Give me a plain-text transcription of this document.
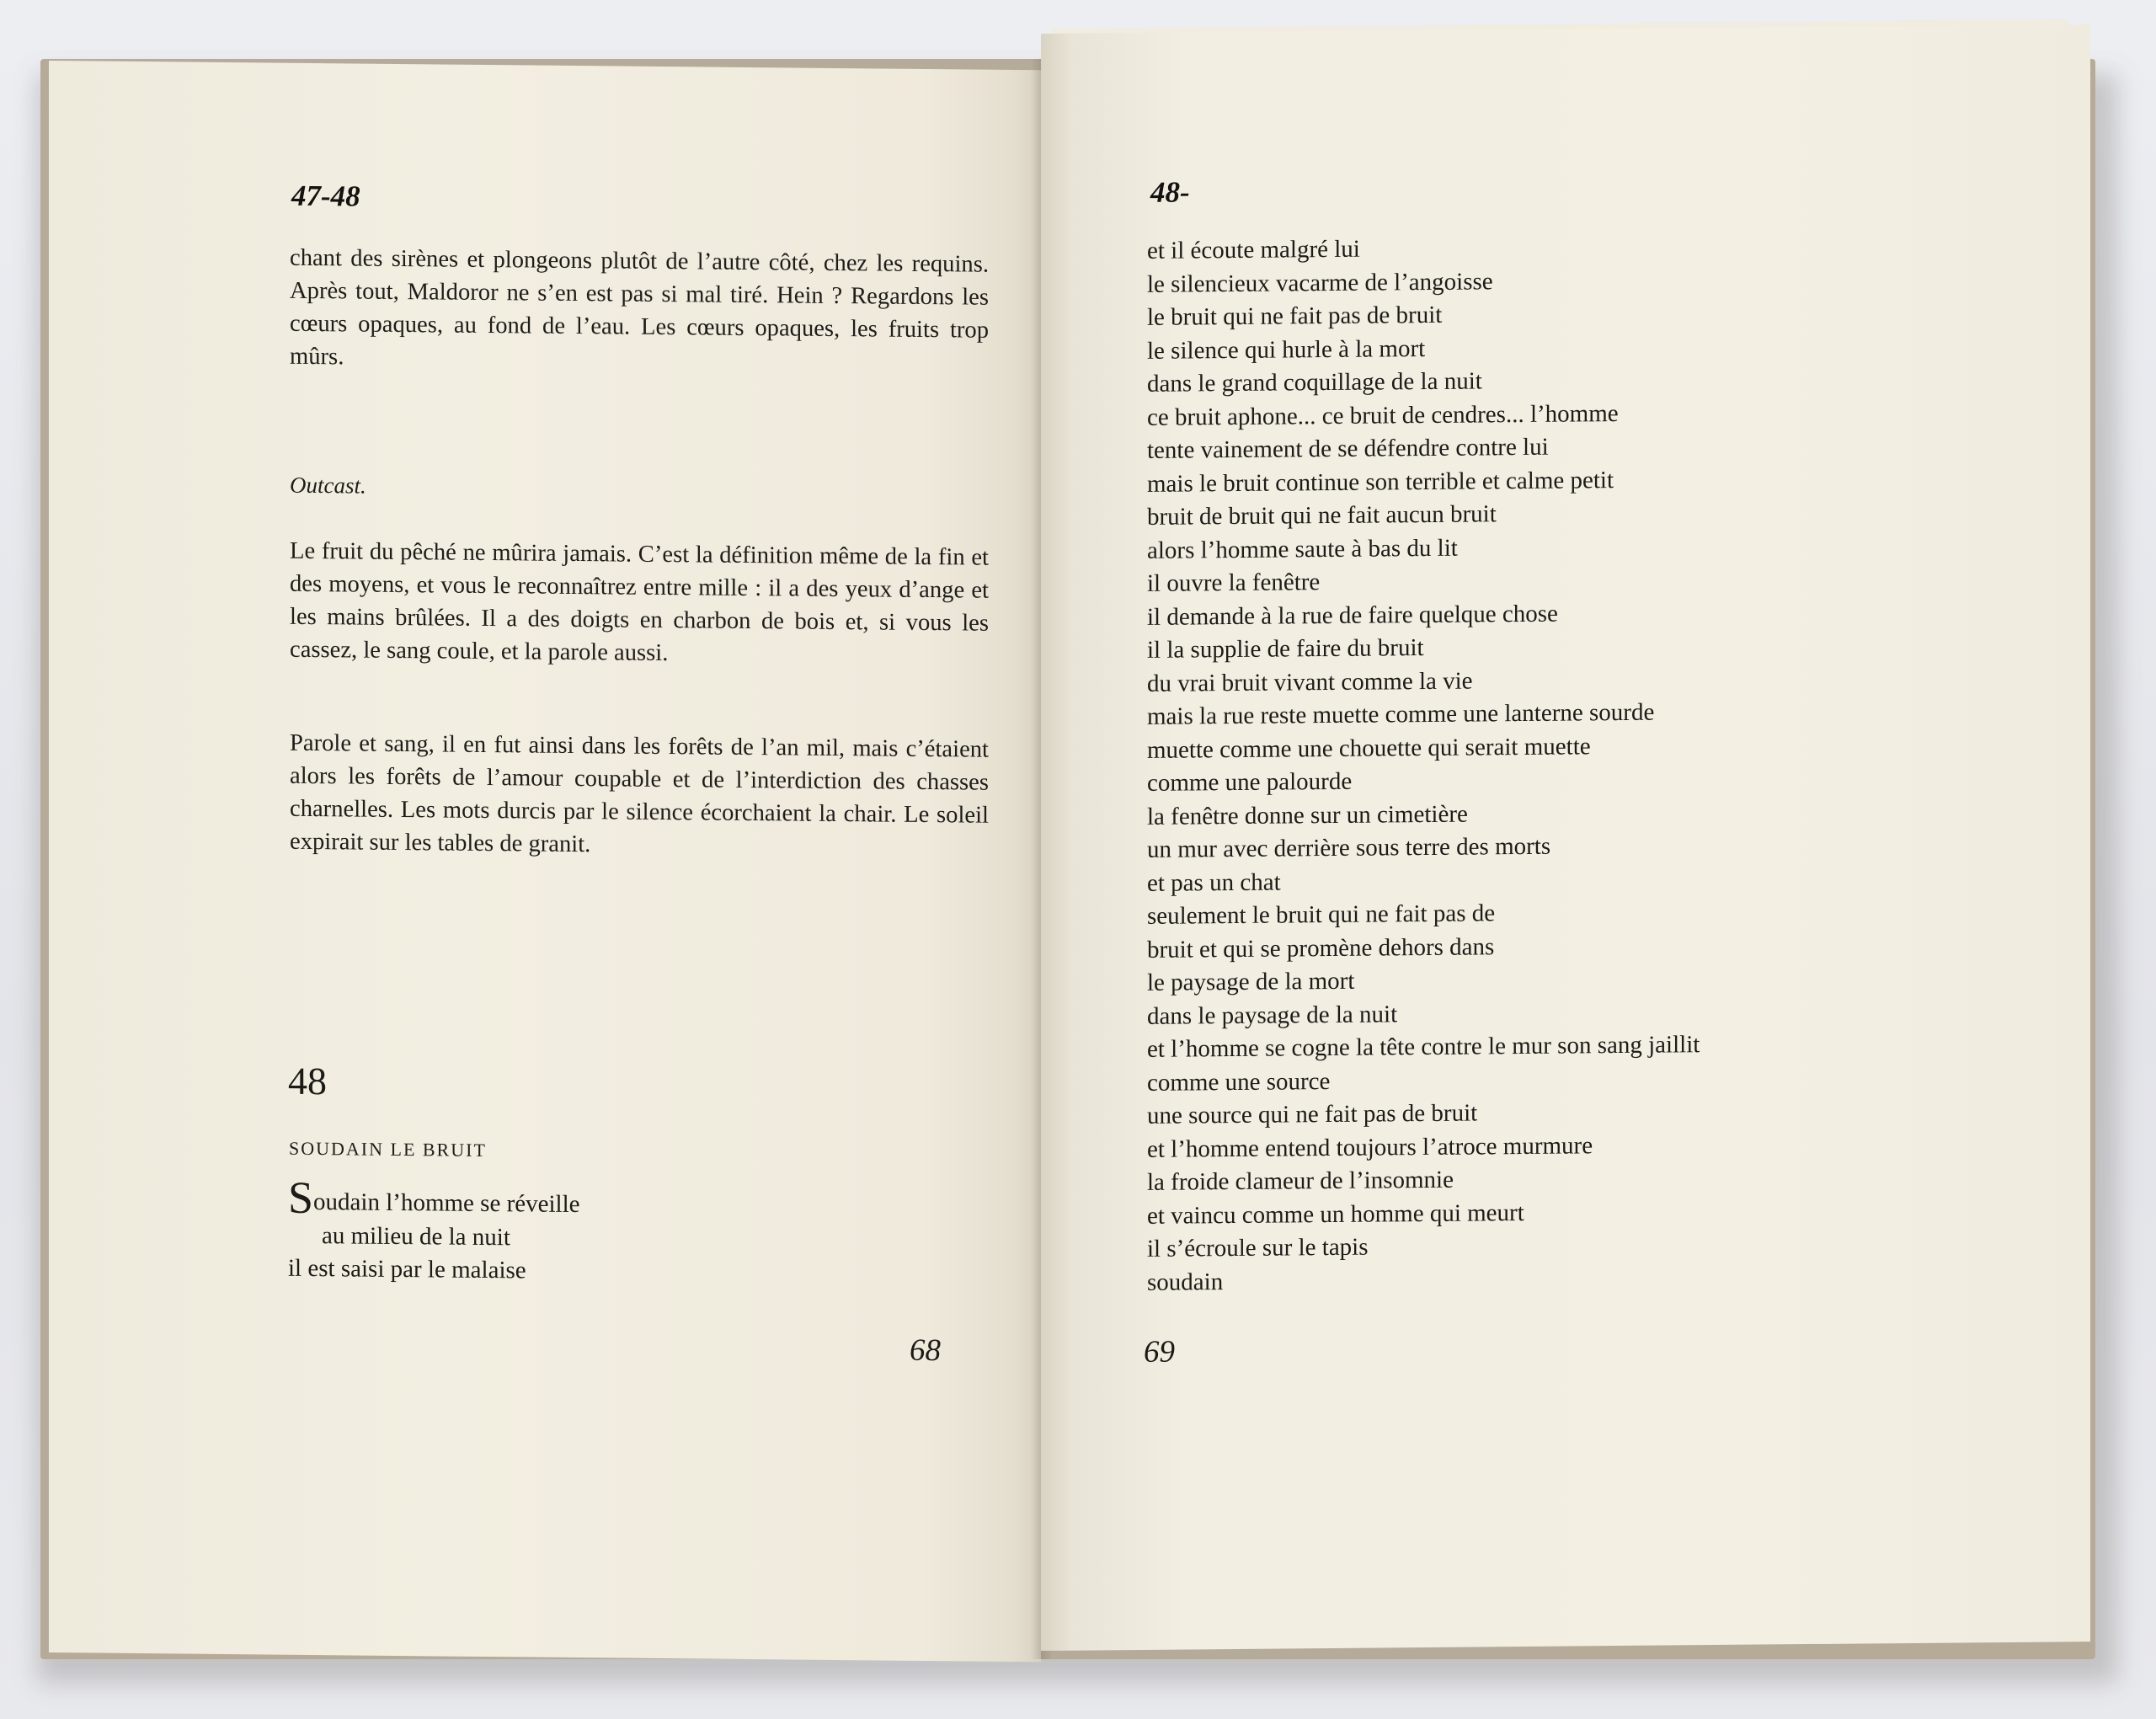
47-48

chant des sirènes et plongeons plutôt de l’autre côté, chez les requins. Après tout, Maldoror ne s’en est pas si mal tiré. Hein ? Regardons les cœurs opaques, au fond de l’eau. Les cœurs opaques, les fruits trop mûrs.

Outcast.

Le fruit du pêché ne mûrira jamais. C’est la définition même de la fin et des moyens, et vous le reconnaîtrez entre mille : il a des yeux d’ange et les mains brûlées. Il a des doigts en charbon de bois et, si vous les cassez, le sang coule, et la parole aussi.

Parole et sang, il en fut ainsi dans les forêts de l’an mil, mais c’étaient alors les forêts de l’amour coupable et de l’interdiction des chasses charnelles. Les mots durcis par le silence écorchaient la chair. Le soleil expirait sur les tables de granit.

48
SOUDAIN LE BRUIT
Soudain l’homme se réveille
au milieu de la nuit
il est saisi par le malaise
68
48-
et il écoute malgré lui
le silencieux vacarme de l’angoisse
le bruit qui ne fait pas de bruit
le silence qui hurle à la mort
dans le grand coquillage de la nuit
ce bruit aphone... ce bruit de cendres... l’homme
tente vainement de se défendre contre lui
mais le bruit continue son terrible et calme petit
bruit de bruit qui ne fait aucun bruit
alors l’homme saute à bas du lit
il ouvre la fenêtre
il demande à la rue de faire quelque chose
il la supplie de faire du bruit
du vrai bruit vivant comme la vie
mais la rue reste muette comme une lanterne sourde
muette comme une chouette qui serait muette
comme une palourde
la fenêtre donne sur un cimetière
un mur avec derrière sous terre des morts
et pas un chat
seulement le bruit qui ne fait pas de
bruit et qui se promène dehors dans
le paysage de la mort
dans le paysage de la nuit
et l’homme se cogne la tête contre le mur son sang jaillit
comme une source
une source qui ne fait pas de bruit
et l’homme entend toujours l’atroce murmure
la froide clameur de l’insomnie
et vaincu comme un homme qui meurt
il s’écroule sur le tapis
soudain
69
